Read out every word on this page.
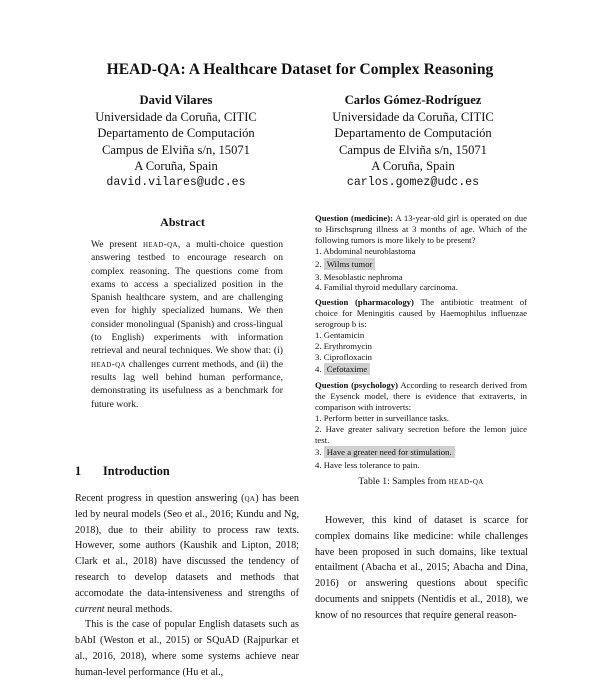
HEAD-QA: A Healthcare Dataset for Complex Reasoning
David Vilares
Universidade da Coruña, CITIC
Departamento de Computación
Campus de Elviña s/n, 15071
A Coruña, Spain
david.vilares@udc.es
Carlos Gómez-Rodríguez
Universidade da Coruña, CITIC
Departamento de Computación
Campus de Elviña s/n, 15071
A Coruña, Spain
carlos.gomez@udc.es
Abstract
We present head-qa, a multi-choice question answering testbed to encourage research on complex reasoning. The questions come from exams to access a specialized position in the Spanish healthcare system, and are challenging even for highly specialized humans. We then consider monolingual (Spanish) and cross-lingual (to English) experiments with information retrieval and neural techniques. We show that: (i) head-qa challenges current methods, and (ii) the results lag well behind human performance, demonstrating its usefulness as a benchmark for future work.
1 Introduction

Recent progress in question answering (qa) has been led by neural models (Seo et al., 2016; Kundu and Ng, 2018), due to their ability to process raw texts. However, some authors (Kaushik and Lipton, 2018; Clark et al., 2018) have discussed the tendency of research to develop datasets and methods that accomodate the data-intensiveness and strengths of current neural methods.

This is the case of popular English datasets such as bAbI (Weston et al., 2015) or SQuAD (Rajpurkar et al., 2016, 2018), where some systems achieve near human-level performance (Hu et al.,

Question (medicine): A 13-year-old girl is operated on due to Hirschsprung illness at 3 months of age. Which of the following tumors is more likely to be present?
1. Abdominal neuroblastoma
2. Wilms tumor
3. Mesoblastic nephroma
4. Familial thyroid medullary carcinoma.
Question (pharmacology) The antibiotic treatment of choice for Meningitis caused by Haemophilus influenzae serogroup b is:
1. Gentamicin
2. Erythromycin
3. Ciprofloxacin
4. Cefotaxime
Question (psychology) According to research derived from the Eysenck model, there is evidence that extraverts, in comparison with introverts:
1. Perform better in surveillance tasks.
2. Have greater salivary secretion before the lemon juice test.
3. Have a greater need for stimulation.
4. Have less tolerance to pain.
Table 1: Samples from head-qa

However, this kind of dataset is scarce for complex domains like medicine: while challenges have been proposed in such domains, like textual entailment (Abacha et al., 2015; Abacha and Dina, 2016) or answering questions about specific documents and snippets (Nentidis et al., 2018), we know of no resources that require general reason-
